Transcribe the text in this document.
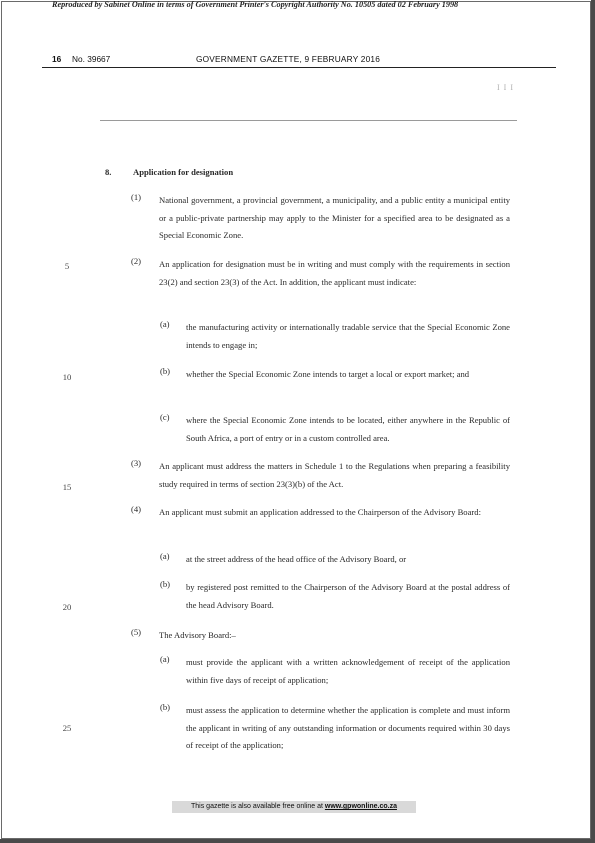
Reproduced by Sabinet Online in terms of Government Printer's Copyright Authority No. 10505 dated 02 February 1998
16 No. 39667	GOVERNMENT GAZETTE, 9 FEBRUARY 2016
I I I
5
10
15
20
25
8.	Application for designation
(1) National government, a provincial government, a municipality, and a public entity a municipal entity or a public-private partnership may apply to the Minister for a specified area to be designated as a Special Economic Zone.
(2) An application for designation must be in writing and must comply with the requirements in section 23(2) and section 23(3) of the Act. In addition, the applicant must indicate:
(a) the manufacturing activity or internationally tradable service that the Special Economic Zone intends to engage in;
(b) whether the Special Economic Zone intends to target a local or export market; and
(c) where the Special Economic Zone intends to be located, either anywhere in the Republic of South Africa, a port of entry or in a custom controlled area.
(3) An applicant must address the matters in Schedule 1 to the Regulations when preparing a feasibility study required in terms of section 23(3)(b) of the Act.
(4) An applicant must submit an application addressed to the Chairperson of the Advisory Board:
(a) at the street address of the head office of the Advisory Board, or
(b) by registered post remitted to the Chairperson of the Advisory Board at the postal address of the head Advisory Board.
(5) The Advisory Board:–
(a) must provide the applicant with a written acknowledgement of receipt of the application within five days of receipt of application;
(b) must assess the application to determine whether the application is complete and must inform the applicant in writing of any outstanding information or documents required within 30 days of receipt of the application;
This gazette is also available free online at www.gpwonline.co.za
